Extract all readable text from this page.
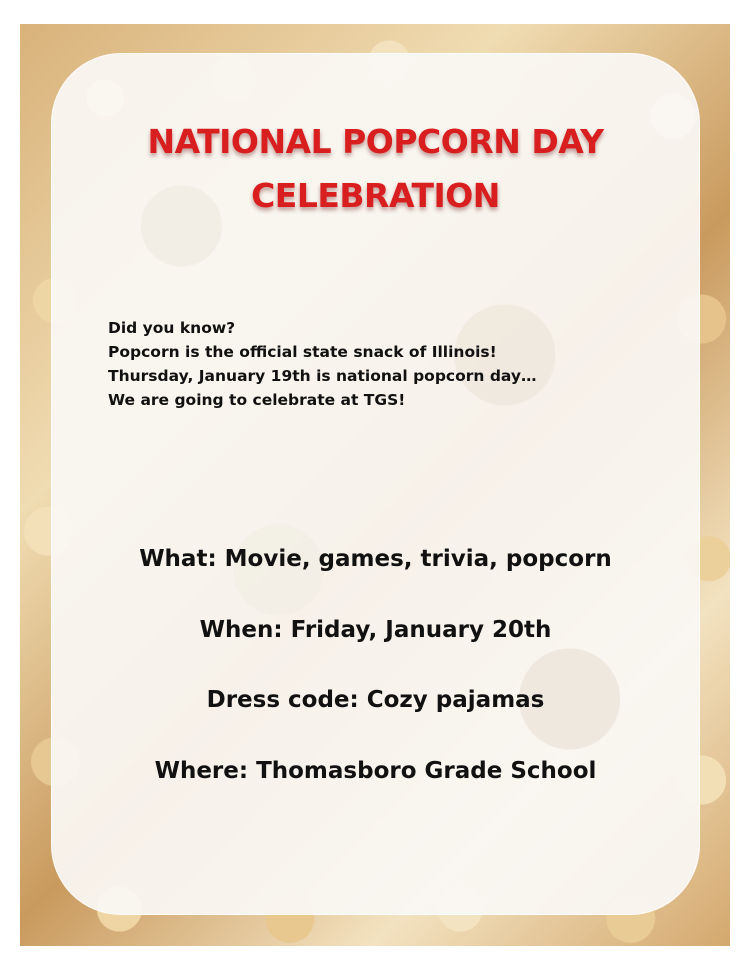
NATIONAL POPCORN DAY
CELEBRATION
Did you know?
Popcorn is the official state snack of Illinois!
Thursday, January 19th is national popcorn day…
We are going to celebrate at TGS!
What: Movie, games, trivia, popcorn
When: Friday, January 20th
Dress code: Cozy pajamas
Where: Thomasboro Grade School
